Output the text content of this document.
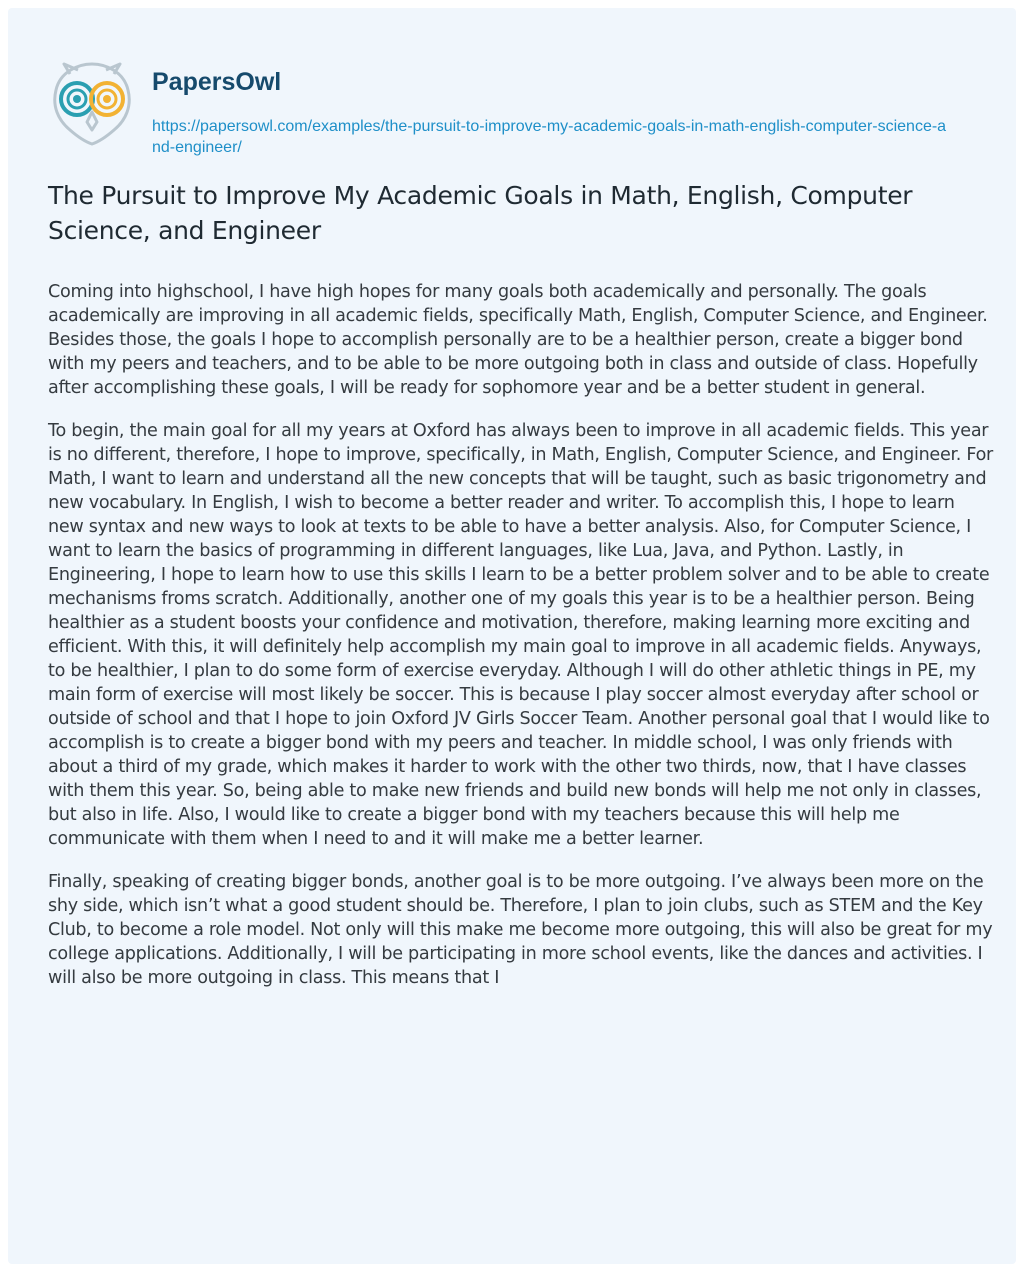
PapersOwl
https://papersowl.com/examples/the-pursuit-to-improve-my-academic-goals-in-math-english-computer-science-and-engineer/
The Pursuit to Improve My Academic Goals in Math, English, Computer Science, and Engineer

Coming into highschool, I have high hopes for many goals both academically and personally. The goals academically are improving in all academic fields, specifically Math, English, Computer Science, and Engineer. Besides those, the goals I hope to accomplish personally are to be a healthier person, create a bigger bond with my peers and teachers, and to be able to be more outgoing both in class and outside of class. Hopefully after accomplishing these goals, I will be ready for sophomore year and be a better student in general.

To begin, the main goal for all my years at Oxford has always been to improve in all academic fields. This year is no different, therefore, I hope to improve, specifically, in Math, English, Computer Science, and Engineer. For Math, I want to learn and understand all the new concepts that will be taught, such as basic trigonometry and new vocabulary. In English, I wish to become a better reader and writer. To accomplish this, I hope to learn new syntax and new ways to look at texts to be able to have a better analysis. Also, for Computer Science, I want to learn the basics of programming in different languages, like Lua, Java, and Python. Lastly, in Engineering, I hope to learn how to use this skills I learn to be a better problem solver and to be able to create mechanisms froms scratch. Additionally, another one of my goals this year is to be a healthier person. Being healthier as a student boosts your confidence and motivation, therefore, making learning more exciting and efficient. With this, it will definitely help accomplish my main goal to improve in all academic fields. Anyways, to be healthier, I plan to do some form of exercise everyday. Although I will do other athletic things in PE, my main form of exercise will most likely be soccer. This is because I play soccer almost everyday after school or outside of school and that I hope to join Oxford JV Girls Soccer Team. Another personal goal that I would like to accomplish is to create a bigger bond with my peers and teacher. In middle school, I was only friends with about a third of my grade, which makes it harder to work with the other two thirds, now, that I have classes with them this year. So, being able to make new friends and build new bonds will help me not only in classes, but also in life. Also, I would like to create a bigger bond with my teachers because this will help me communicate with them when I need to and it will make me a better learner.

Finally, speaking of creating bigger bonds, another goal is to be more outgoing. I’ve always been more on the shy side, which isn’t what a good student should be. Therefore, I plan to join clubs, such as STEM and the Key Club, to become a role model. Not only will this make me become more outgoing, this will also be great for my college applications. Additionally, I will be participating in more school events, like the dances and activities. I will also be more outgoing in class. This means that I
